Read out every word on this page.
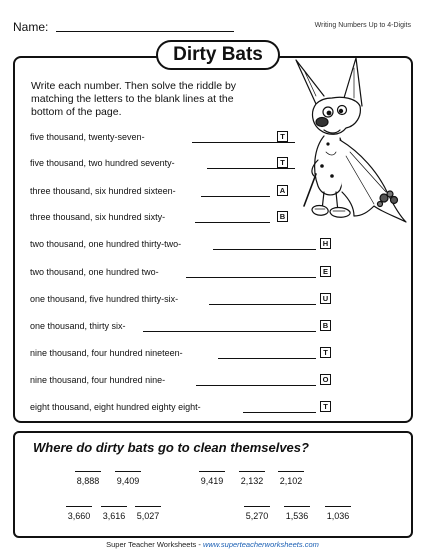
Name:	Writing Numbers Up to 4-Digits
Dirty Bats
Write each number. Then solve the riddle by matching the letters to the blank lines at the bottom of the page.
five thousand, twenty-seven-	T
five thousand, two hundred seventy-	T
three thousand, six hundred sixteen-	A
three thousand, six hundred sixty-	B
two thousand, one hundred thirty-two-	H
two thousand, one hundred two-	E
one thousand, five hundred thirty-six-	U
one thousand, thirty six-	B
nine thousand, four hundred nineteen-	T
nine thousand, four hundred nine-	O
eight thousand, eight hundred eighty eight-	T
Where do dirty bats go to clean themselves?
8,888	9,409	9,419	2,132	2,102
3,660	3,616	5,027	5,270	1,536	1,036
Super Teacher Worksheets - www.superteacherworksheets.com
